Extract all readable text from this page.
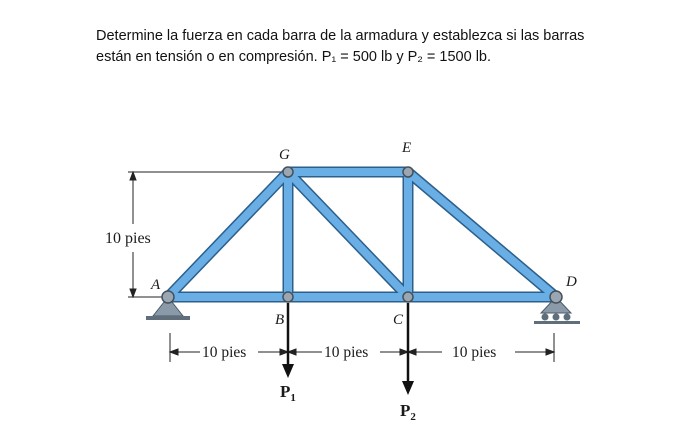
Determine la fuerza en cada barra de la armadura y establezca si las barras

están en tensión o en compresión. P₁ = 500 lb y P₂ = 1500 lb.

10 pies
A
B	C
D
E
G
10 pies	10 pies	10 pies
$P_1$
$P_2$
